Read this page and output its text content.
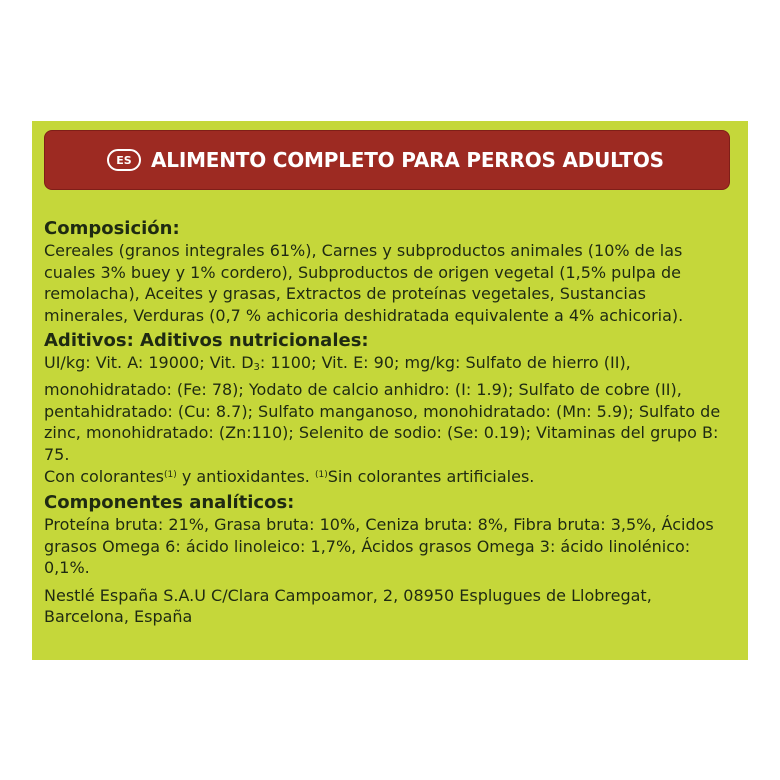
ES ALIMENTO COMPLETO PARA PERROS ADULTOS
Composición:

Cereales (granos integrales 61%), Carnes y subproductos animales (10% de las cuales 3% buey y 1% cordero), Subproductos de origen vegetal (1,5% pulpa de remolacha), Aceites y grasas, Extractos de proteínas vegetales, Sustancias minerales, Verduras (0,7 % achicoria deshidratada equivalente a 4% achicoria).

Aditivos: Aditivos nutricionales:

UI/kg: Vit. A: 19000; Vit. $D_3$: 1100; Vit. E: 90; mg/kg: Sulfato de hierro (II), monohidratado: (Fe: 78); Yodato de calcio anhidro: (I: 1.9); Sulfato de cobre (II), pentahidratado: (Cu: 8.7); Sulfato manganoso, monohidratado: (Mn: 5.9); Sulfato de zinc, monohidratado: (Zn:110); Selenito de sodio: (Se: 0.19); Vitaminas del grupo B: 75.

Con colorantes$^{(1)}$ y antioxidantes. $^{(1)}$Sin colorantes artificiales.

Componentes analíticos:

Proteína bruta: 21%, Grasa bruta: 10%, Ceniza bruta: 8%, Fibra bruta: 3,5%, Ácidos grasos Omega 6: ácido linoleico: 1,7%, Ácidos grasos Omega 3: ácido linolénico: 0,1%.

Nestlé España S.A.U C/Clara Campoamor, 2, 08950 Esplugues de Llobregat, Barcelona, España
